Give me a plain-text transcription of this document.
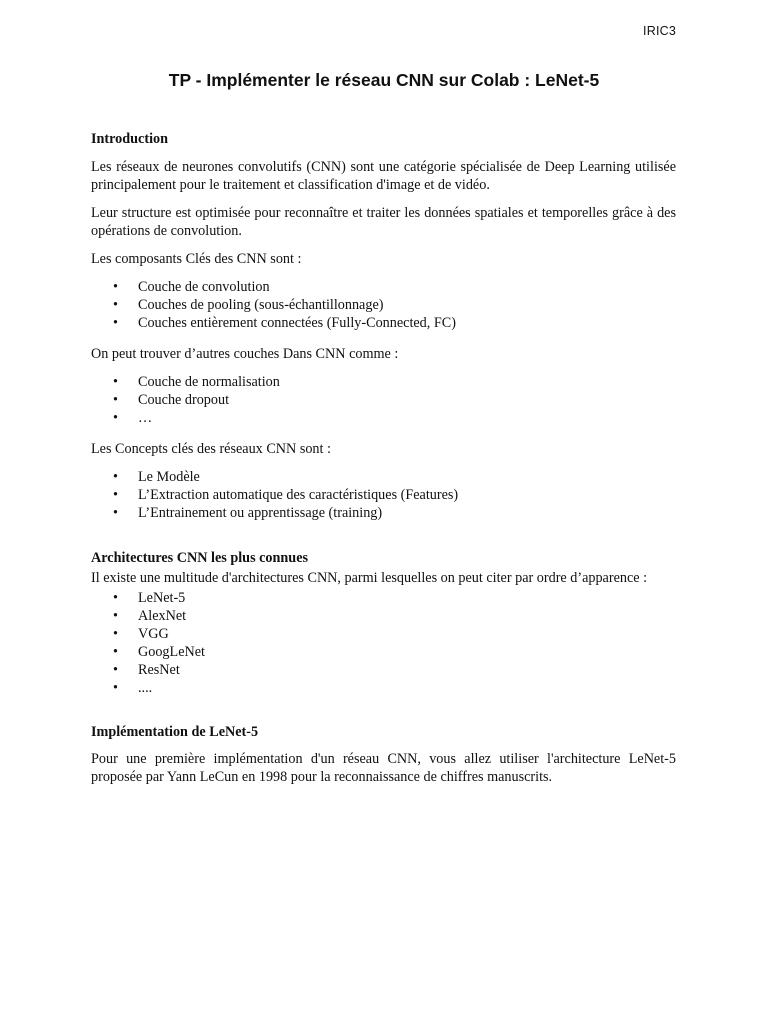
IRIC3
TP - Implémenter le réseau CNN sur Colab : LeNet-5
Introduction

Les réseaux de neurones convolutifs (CNN) sont une catégorie spécialisée de Deep Learning utilisée principalement pour le traitement et classification d'image et de vidéo.

Leur structure est optimisée pour reconnaître et traiter les données spatiales et temporelles grâce à des opérations de convolution.

Les composants Clés des CNN sont :

• Couche de convolution
• Couches de pooling (sous-échantillonnage)
• Couches entièrement connectées (Fully-Connected, FC)

On peut trouver d’autres couches Dans CNN comme :

• Couche de normalisation
• Couche dropout
• …

Les Concepts clés des réseaux CNN sont :

• Le Modèle
• L’Extraction automatique des caractéristiques (Features)
• L’Entrainement ou apprentissage (training)
Architectures CNN les plus connues

Il existe une multitude d'architectures CNN, parmi lesquelles on peut citer par ordre d’apparence :

• LeNet-5
• AlexNet
• VGG
• GoogLeNet
• ResNet
• ....
Implémentation de LeNet-5

Pour une première implémentation d'un réseau CNN, vous allez utiliser l'architecture LeNet-5 proposée par Yann LeCun en 1998 pour la reconnaissance de chiffres manuscrits.
